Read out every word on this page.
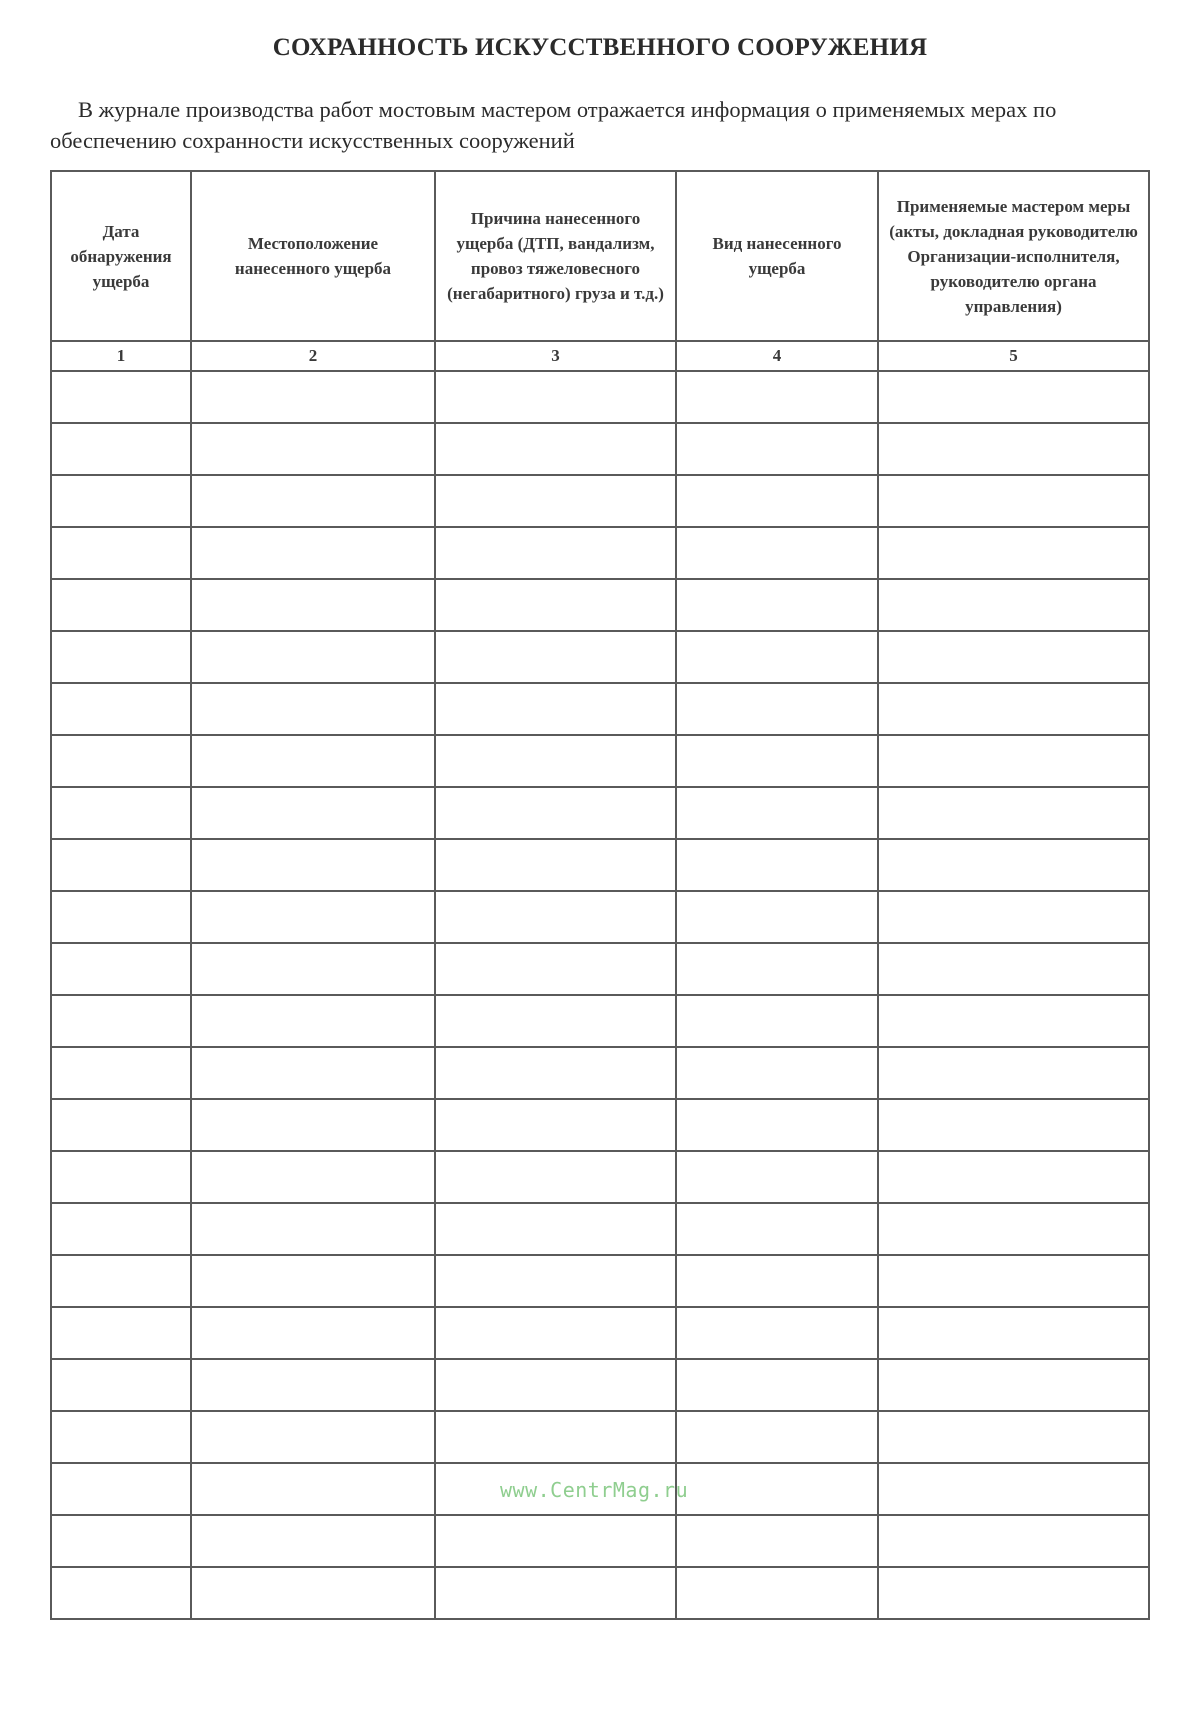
СОХРАННОСТЬ ИСКУССТВЕННОГО СООРУЖЕНИЯ

В журнале производства работ мостовым мастером отражается информация о применяемых мерах по обеспечению сохранности искусственных сооружений

Дата обнаружения ущерба	Местоположение нанесенного ущерба	Причина нанесенного ущерба (ДТП, вандализм, провоз тяжеловесного (негабаритного) груза и т.д.)	Вид нанесенного ущерба	Применяемые мастером меры (акты, докладная руководителю Организации-исполнителя, руководителю органа управления)
1	2	3	4	5

www.CentrMag.ru
